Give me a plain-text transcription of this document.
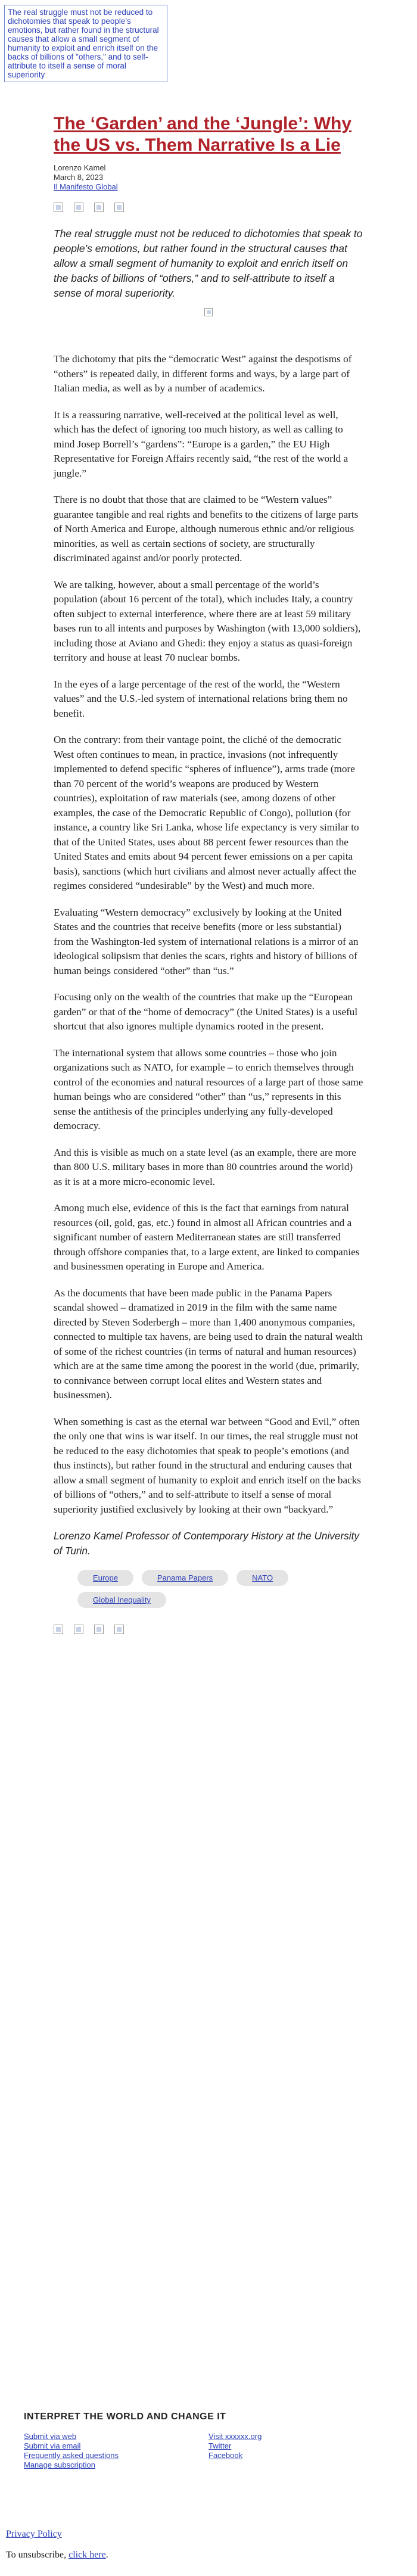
The real struggle must not be reduced to dichotomies that speak to people's emotions, but rather found in the structural causes that allow a small segment of humanity to exploit and enrich itself on the backs of billions of "others," and to self-attribute to itself a sense of moral superiority
The ‘Garden’ and the ‘Jungle’: Why the US vs. Them Narrative Is a Lie
Lorenzo Kamel
March 8, 2023
Il Manifesto Global

The real struggle must not be reduced to dichotomies that speak to people’s emotions, but rather found in the structural causes that allow a small segment of humanity to exploit and enrich itself on the backs of billions of “others,” and to self-attribute to itself a sense of moral superiority.

The dichotomy that pits the “democratic West” against the despotisms of “others” is repeated daily, in different forms and ways, by a large part of Italian media, as well as by a number of academics.

It is a reassuring narrative, well-received at the political level as well, which has the defect of ignoring too much history, as well as calling to mind Josep Borrell’s “gardens”: “Europe is a garden,” the EU High Representative for Foreign Affairs recently said, “the rest of the world a jungle.”

There is no doubt that those that are claimed to be “Western values” guarantee tangible and real rights and benefits to the citizens of large parts of North America and Europe, although numerous ethnic and/or religious minorities, as well as certain sections of society, are structurally discriminated against and/or poorly protected.

We are talking, however, about a small percentage of the world’s population (about 16 percent of the total), which includes Italy, a country often subject to external interference, where there are at least 59 military bases run to all intents and purposes by Washington (with 13,000 soldiers), including those at Aviano and Ghedi: they enjoy a status as quasi-foreign territory and house at least 70 nuclear bombs.

In the eyes of a large percentage of the rest of the world, the “Western values” and the U.S.-led system of international relations bring them no benefit.

On the contrary: from their vantage point, the cliché of the democratic West often continues to mean, in practice, invasions (not infrequently implemented to defend specific “spheres of influence”), arms trade (more than 70 percent of the world’s weapons are produced by Western countries), exploitation of raw materials (see, among dozens of other examples, the case of the Democratic Republic of Congo), pollution (for instance, a country like Sri Lanka, whose life expectancy is very similar to that of the United States, uses about 88 percent fewer resources than the United States and emits about 94 percent fewer emissions on a per capita basis), sanctions (which hurt civilians and almost never actually affect the regimes considered “undesirable” by the West) and much more.

Evaluating “Western democracy” exclusively by looking at the United States and the countries that receive benefits (more or less substantial) from the Washington-led system of international relations is a mirror of an ideological solipsism that denies the scars, rights and history of billions of human beings considered “other” than “us.”

Focusing only on the wealth of the countries that make up the “European garden” or that of the “home of democracy” (the United States) is a useful shortcut that also ignores multiple dynamics rooted in the present.

The international system that allows some countries – those who join organizations such as NATO, for example – to enrich themselves through control of the economies and natural resources of a large part of those same human beings who are considered “other” than “us,” represents in this sense the antithesis of the principles underlying any fully-developed democracy.

And this is visible as much on a state level (as an example, there are more than 800 U.S. military bases in more than 80 countries around the world) as it is at a more micro-economic level.

Among much else, evidence of this is the fact that earnings from natural resources (oil, gold, gas, etc.) found in almost all African countries and a significant number of eastern Mediterranean states are still transferred through offshore companies that, to a large extent, are linked to companies and businessmen operating in Europe and America.

As the documents that have been made public in the Panama Papers scandal showed – dramatized in 2019 in the film with the same name directed by Steven Soderbergh – more than 1,400 anonymous companies, connected to multiple tax havens, are being used to drain the natural wealth of some of the richest countries (in terms of natural and human resources) which are at the same time among the poorest in the world (due, primarily, to connivance between corrupt local elites and Western states and businessmen).

When something is cast as the eternal war between “Good and Evil,” often the only one that wins is war itself. In our times, the real struggle must not be reduced to the easy dichotomies that speak to people’s emotions (and thus instincts), but rather found in the structural and enduring causes that allow a small segment of humanity to exploit and enrich itself on the backs of billions of “others,” and to self-attribute to itself a sense of moral superiority justified exclusively by looking at their own “backyard.”

Lorenzo Kamel Professor of Contemporary History at the University of Turin.
Europe	Panama Papers	NATO
Global Inequality
INTERPRET THE WORLD AND CHANGE IT
Submit via web
Submit via email
Frequently asked questions
Manage subscription
Visit xxxxxx.org
Twitter
Facebook
Privacy Policy
To unsubscribe, click here.
